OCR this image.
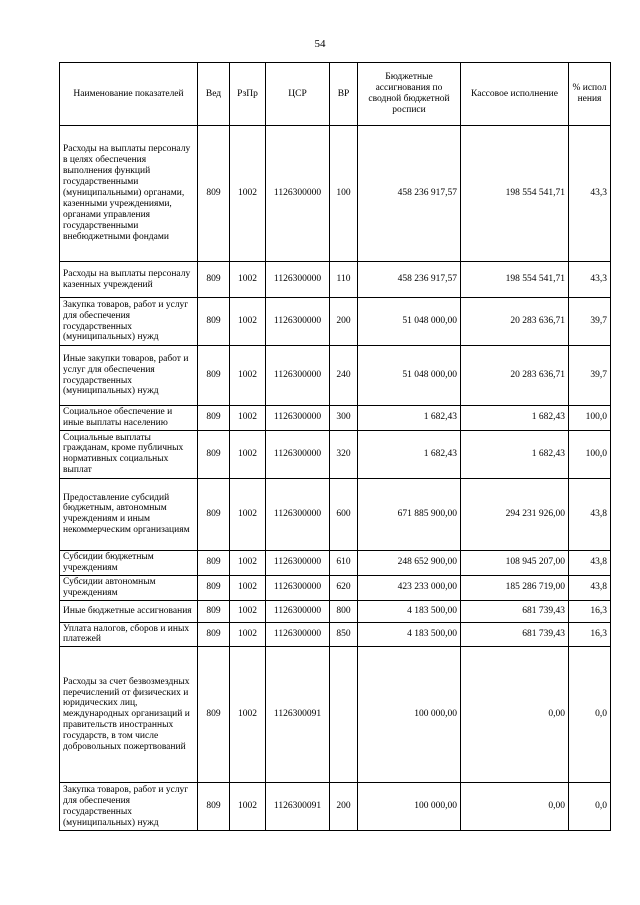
54
Наименование показателей	Вед	РзПр	ЦСР	ВР	Бюджетные ассигнования по сводной бюджетной росписи	Кассовое исполнение	% испол нения
Расходы на выплаты персоналу в целях обеспечения выполнения функций государственными (муниципальными) органами, казенными учреждениями, органами управления государственными внебюджетными фондами	809	1002	1126300000	100	458 236 917,57	198 554 541,71	43,3
Расходы на выплаты персоналу казенных учреждений	809	1002	1126300000	110	458 236 917,57	198 554 541,71	43,3
Закупка товаров, работ и услуг для обеспечения государственных (муниципальных) нужд	809	1002	1126300000	200	51 048 000,00	20 283 636,71	39,7
Иные закупки товаров, работ и услуг для обеспечения государственных (муниципальных) нужд	809	1002	1126300000	240	51 048 000,00	20 283 636,71	39,7
Социальное обеспечение и иные выплаты населению	809	1002	1126300000	300	1 682,43	1 682,43	100,0
Социальные выплаты гражданам, кроме публичных нормативных социальных выплат	809	1002	1126300000	320	1 682,43	1 682,43	100,0
Предоставление субсидий бюджетным, автономным учреждениям и иным некоммерческим организациям	809	1002	1126300000	600	671 885 900,00	294 231 926,00	43,8
Субсидии бюджетным учреждениям	809	1002	1126300000	610	248 652 900,00	108 945 207,00	43,8
Субсидии автономным учреждениям	809	1002	1126300000	620	423 233 000,00	185 286 719,00	43,8
Иные бюджетные ассигнования	809	1002	1126300000	800	4 183 500,00	681 739,43	16,3
Уплата налогов, сборов и иных платежей	809	1002	1126300000	850	4 183 500,00	681 739,43	16,3
Расходы за счет безвозмездных перечислений от физических и юридических лиц, международных организаций и правительств иностранных государств, в том числе добровольных пожертвований	809	1002	1126300091		100 000,00	0,00	0,0
Закупка товаров, работ и услуг для обеспечения государственных (муниципальных) нужд	809	1002	1126300091	200	100 000,00	0,00	0,0
